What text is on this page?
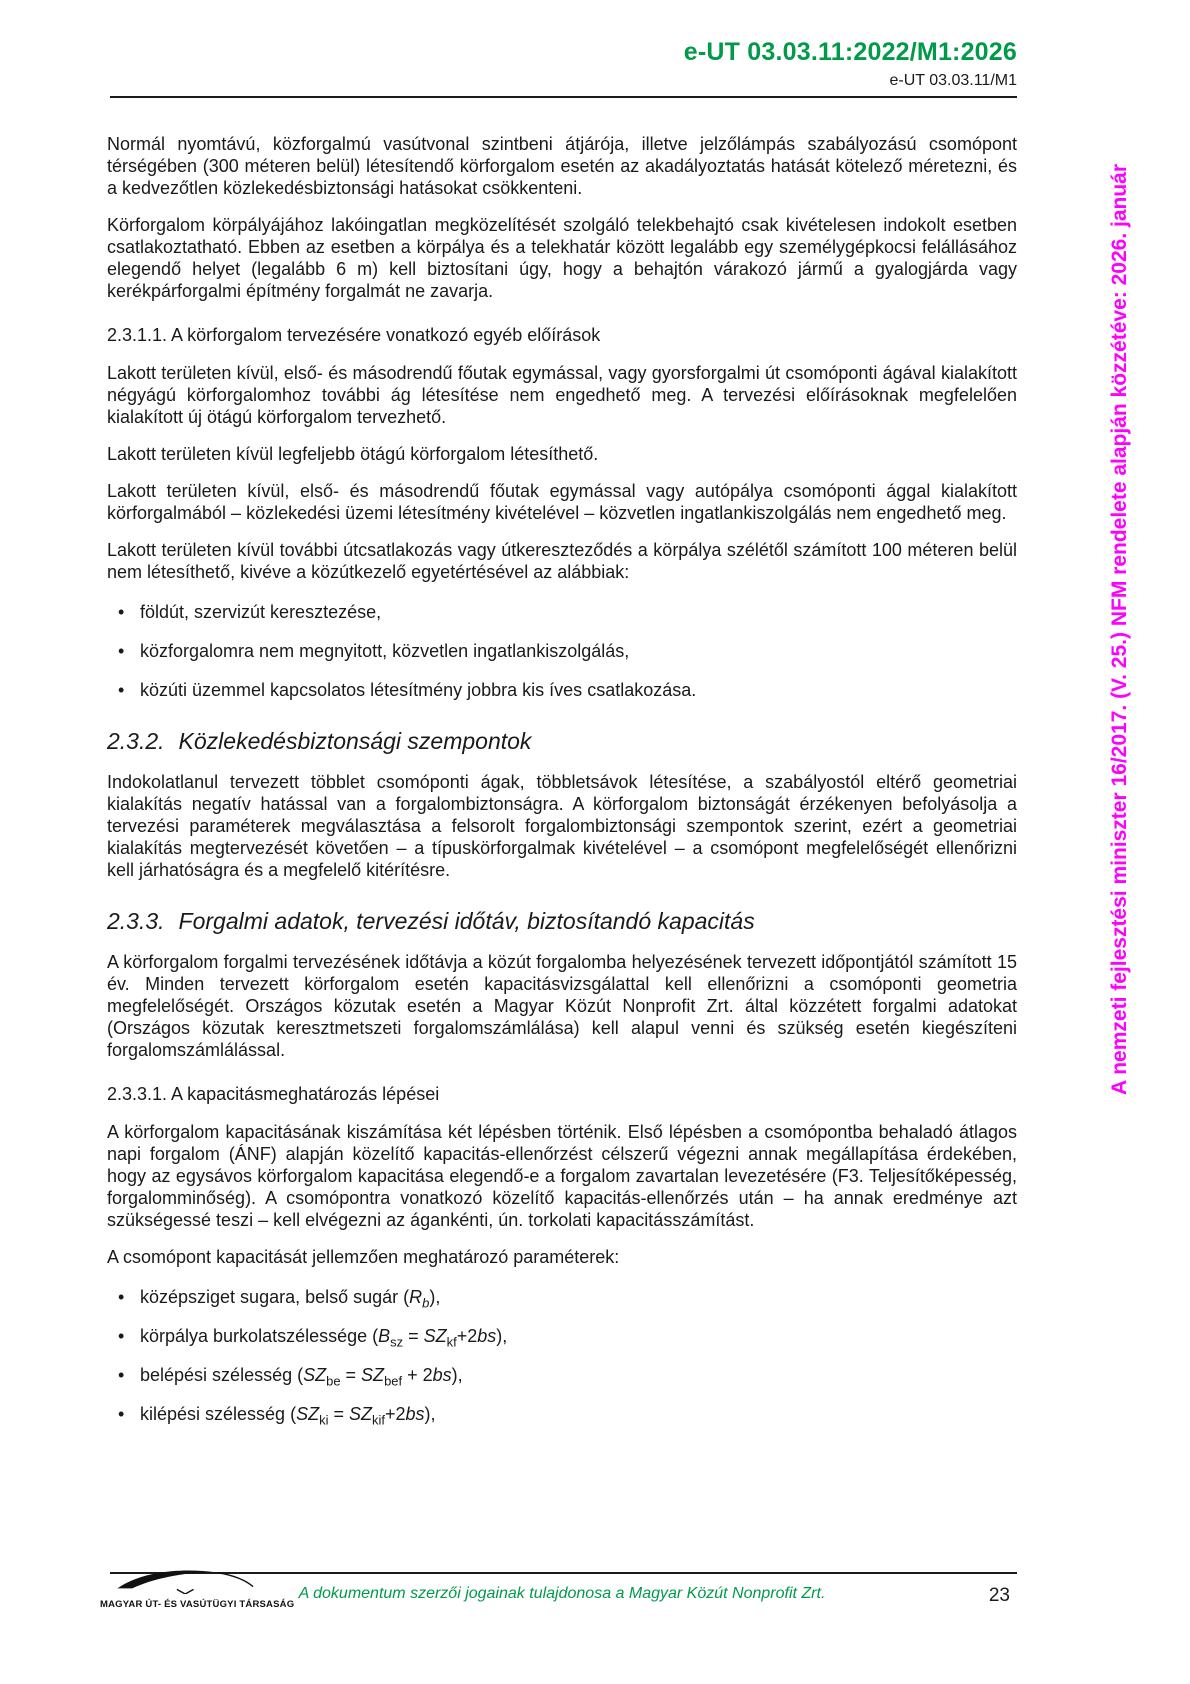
e-UT 03.03.11:2022/M1:2026
e-UT 03.03.11/M1
A nemzeti fejlesztési miniszter 16/2017. (V. 25.) NFM rendelete alapján közzétéve: 2026. január

Normál nyomtávú, közforgalmú vasútvonal szintbeni átjárója, illetve jelzőlámpás szabályozású csomópont térségében (300 méteren belül) létesítendő körforgalom esetén az akadályoztatás hatását kötelező méretezni, és a kedvezőtlen közlekedésbiztonsági hatásokat csökkenteni.

Körforgalom körpályájához lakóingatlan megközelítését szolgáló telekbehajtó csak kivételesen indokolt esetben csatlakoztatható. Ebben az esetben a körpálya és a telekhatár között legalább egy személygépkocsi felállásához elegendő helyet (legalább 6 m) kell biztosítani úgy, hogy a behajtón várakozó jármű a gyalogjárda vagy kerékpárforgalmi építmény forgalmát ne zavarja.

2.3.1.1. A körforgalom tervezésére vonatkozó egyéb előírások

Lakott területen kívül, első- és másodrendű főutak egymással, vagy gyorsforgalmi út csomóponti ágával kialakított négyágú körforgalomhoz további ág létesítése nem engedhető meg. A tervezési előírásoknak megfelelően kialakított új ötágú körforgalom tervezhető.

Lakott területen kívül legfeljebb ötágú körforgalom létesíthető.

Lakott területen kívül, első- és másodrendű főutak egymással vagy autópálya csomóponti ággal kialakított körforgalmából – közlekedési üzemi létesítmény kivételével – közvetlen ingatlankiszolgálás nem engedhető meg.

Lakott területen kívül további útcsatlakozás vagy útkereszteződés a körpálya szélétől számított 100 méteren belül nem létesíthető, kivéve a közútkezelő egyetértésével az alábbiak:

• földút, szervizút keresztezése,
• közforgalomra nem megnyitott, közvetlen ingatlankiszolgálás,
• közúti üzemmel kapcsolatos létesítmény jobbra kis íves csatlakozása.
2.3.2. Közlekedésbiztonsági szempontok

Indokolatlanul tervezett többlet csomóponti ágak, többletsávok létesítése, a szabályostól eltérő geometriai kialakítás negatív hatással van a forgalombiztonságra. A körforgalom biztonságát érzékenyen befolyásolja a tervezési paraméterek megválasztása a felsorolt forgalombiztonsági szempontok szerint, ezért a geometriai kialakítás megtervezését követően – a típuskörforgalmak kivételével – a csomópont megfelelőségét ellenőrizni kell járhatóságra és a megfelelő kitérítésre.

2.3.3. Forgalmi adatok, tervezési időtáv, biztosítandó kapacitás

A körforgalom forgalmi tervezésének időtávja a közút forgalomba helyezésének tervezett időpontjától számított 15 év. Minden tervezett körforgalom esetén kapacitásvizsgálattal kell ellenőrizni a csomóponti geometria megfelelőségét. Országos közutak esetén a Magyar Közút Nonprofit Zrt. által közzétett forgalmi adatokat (Országos közutak keresztmetszeti forgalomszámlálása) kell alapul venni és szükség esetén kiegészíteni forgalomszámlálással.

2.3.3.1. A kapacitásmeghatározás lépései

A körforgalom kapacitásának kiszámítása két lépésben történik. Első lépésben a csomópontba behaladó átlagos napi forgalom (ÁNF) alapján közelítő kapacitás-ellenőrzést célszerű végezni annak megállapítása érdekében, hogy az egysávos körforgalom kapacitása elegendő-e a forgalom zavartalan levezetésére (F3. Teljesítőképesség, forgalomminőség). A csomópontra vonatkozó közelítő kapacitás-ellenőrzés után – ha annak eredménye azt szükségessé teszi – kell elvégezni az ágankénti, ún. torkolati kapacitásszámítást.

A csomópont kapacitását jellemzően meghatározó paraméterek:

• középsziget sugara, belső sugár $(R_b)$,
• körpálya burkolatszélessége $(B_{sz} = SZ_{kf}+2bs)$,
• belépési szélesség $(SZ_{be} = SZ_{bef} + 2bs)$,
• kilépési szélesség $(SZ_{ki} = SZ_{kif}+2bs)$,
MAGYAR ÚT- ÉS VASÚTÜGYI TÁRSASÁG
A dokumentum szerzői jogainak tulajdonosa a Magyar Közút Nonprofit Zrt.	23
